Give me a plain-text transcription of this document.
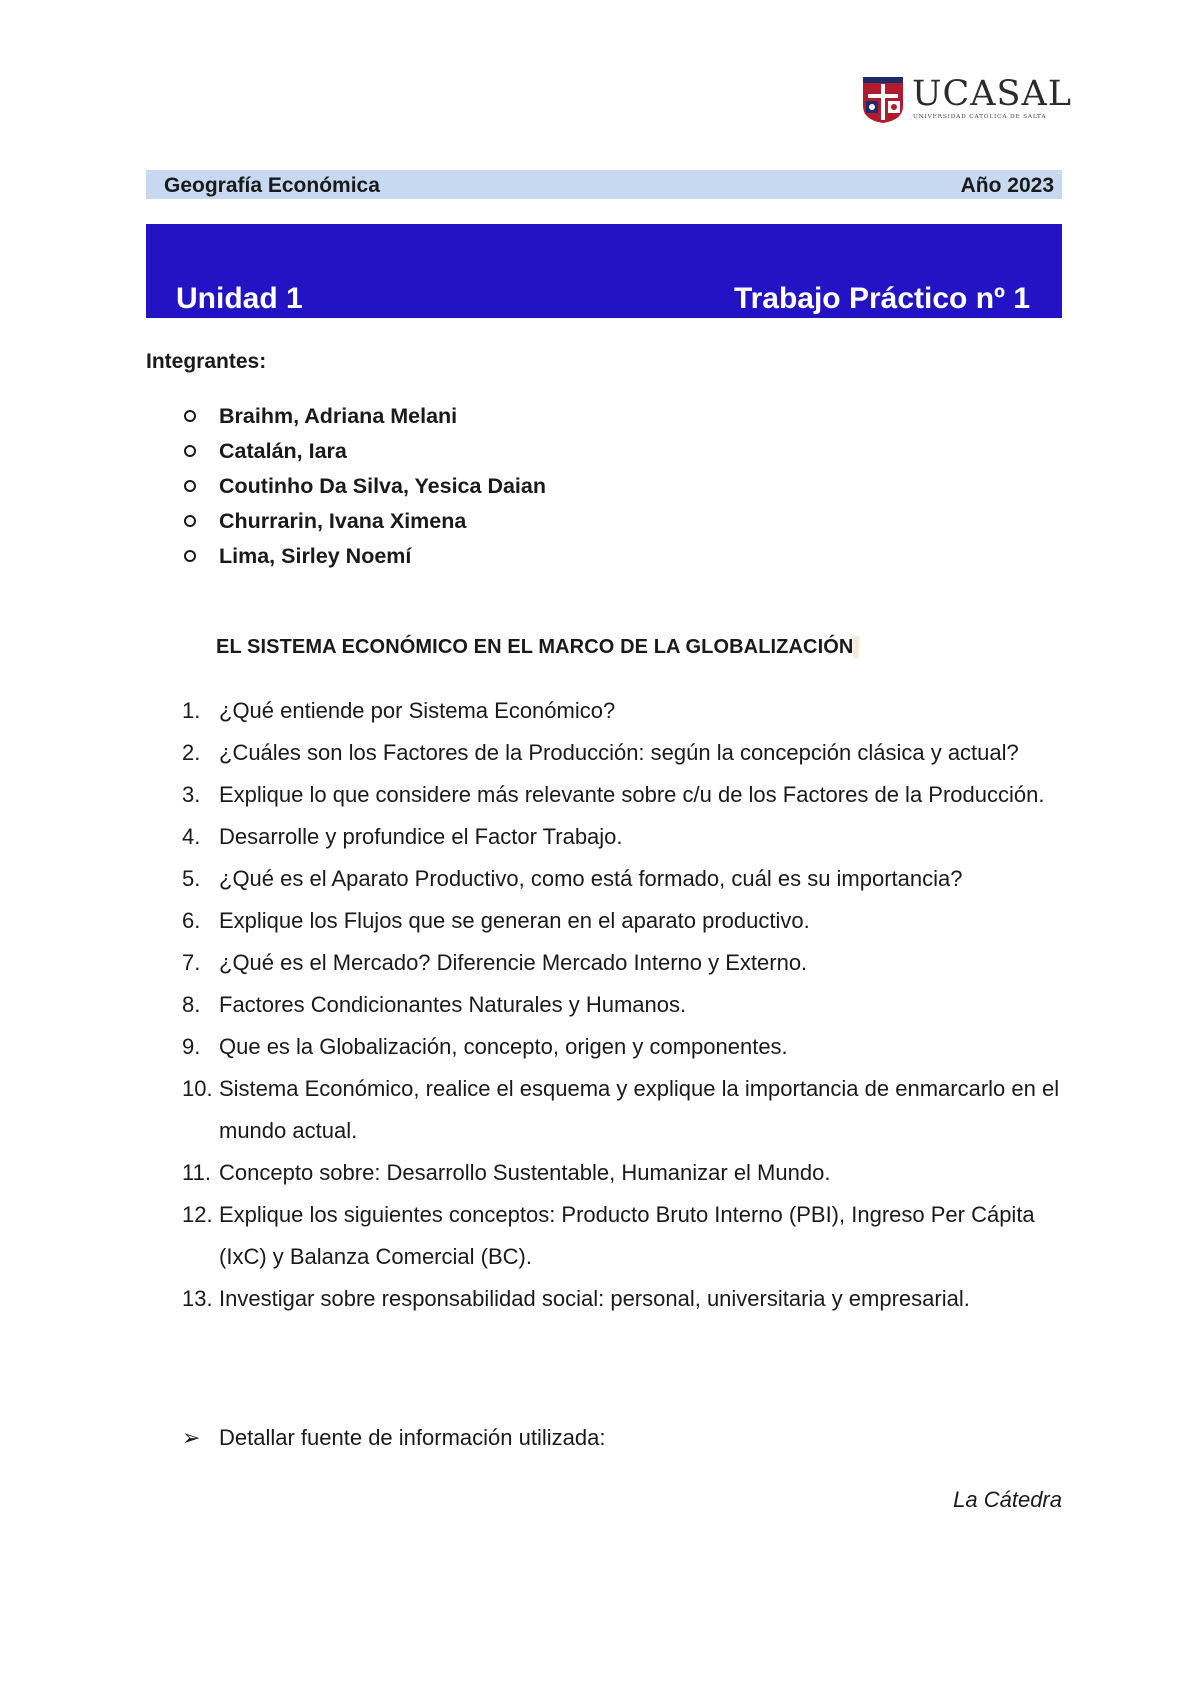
UCASAL
UNIVERSIDAD CATÓLICA DE SALTA
Geografía Económica	Año 2023
Unidad 1	Trabajo Práctico nº 1
Integrantes:
Braihm, Adriana Melani
Catalán, Iara
Coutinho Da Silva, Yesica Daian
Churrarin, Ivana Ximena
Lima, Sirley Noemí
EL SISTEMA ECONÓMICO EN EL MARCO DE LA GLOBALIZACIÓN
1. ¿Qué entiende por Sistema Económico?
2. ¿Cuáles son los Factores de la Producción: según la concepción clásica y actual?
3. Explique lo que considere más relevante sobre c/u de los Factores de la Producción.
4. Desarrolle y profundice el Factor Trabajo.
5. ¿Qué es el Aparato Productivo, como está formado, cuál es su importancia?
6. Explique los Flujos que se generan en el aparato productivo.
7. ¿Qué es el Mercado? Diferencie Mercado Interno y Externo.
8. Factores Condicionantes Naturales y Humanos.
9. Que es la Globalización, concepto, origen y componentes.
10. Sistema Económico, realice el esquema y explique la importancia de enmarcarlo en el mundo actual.
11. Concepto sobre: Desarrollo Sustentable, Humanizar el Mundo.
12. Explique los siguientes conceptos: Producto Bruto Interno (PBI), Ingreso Per Cápita (IxC) y Balanza Comercial (BC).
13. Investigar sobre responsabilidad social: personal, universitaria y empresarial.
➢ Detallar fuente de información utilizada:
La Cátedra
